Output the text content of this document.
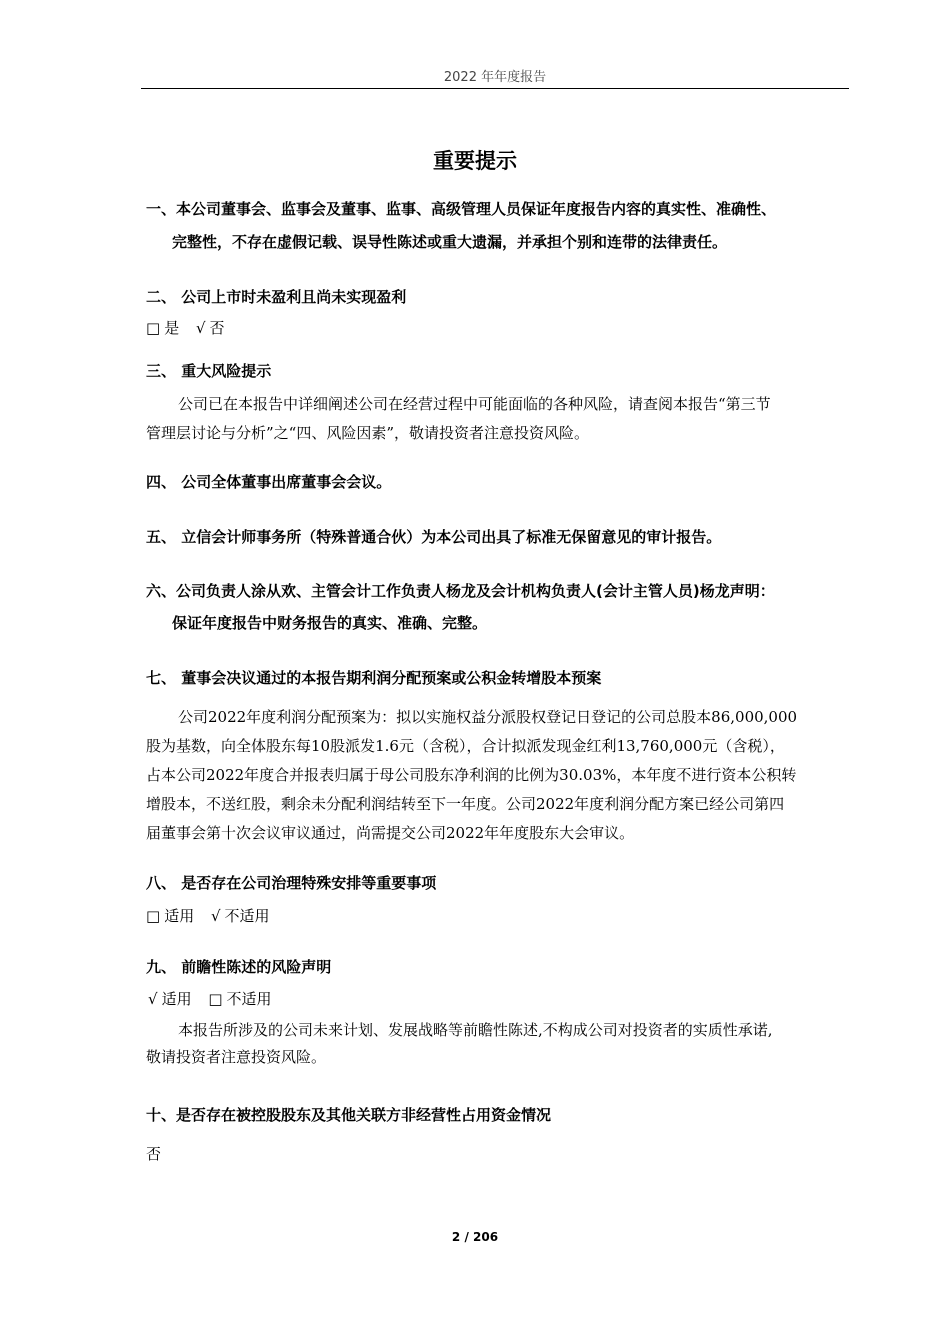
2022 年年度报告
重要提示
一、本公司董事会、监事会及董事、监事、高级管理人员保证年度报告内容的真实性、准确性、
完整性，不存在虚假记载、误导性陈述或重大遗漏，并承担个别和连带的法律责任。
二、 公司上市时未盈利且尚未实现盈利
□ 是 √ 否
三、 重大风险提示
公司已在本报告中详细阐述公司在经营过程中可能面临的各种风险，请查阅本报告“第三节
管理层讨论与分析”之“四、风险因素”，敬请投资者注意投资风险。
四、 公司全体董事出席董事会会议。
五、 立信会计师事务所（特殊普通合伙）为本公司出具了标准无保留意见的审计报告。
六、公司负责人涂从欢、主管会计工作负责人杨龙及会计机构负责人(会计主管人员)杨龙声明：
保证年度报告中财务报告的真实、准确、完整。
七、 董事会决议通过的本报告期利润分配预案或公积金转增股本预案
公司2022年度利润分配预案为：拟以实施权益分派股权登记日登记的公司总股本86,000,000
股为基数，向全体股东每10股派发1.6元（含税），合计拟派发现金红利13,760,000元（含税），
占本公司2022年度合并报表归属于母公司股东净利润的比例为30.03%，本年度不进行资本公积转
增股本，不送红股，剩余未分配利润结转至下一年度。公司2022年度利润分配方案已经公司第四
届董事会第十次会议审议通过，尚需提交公司2022年年度股东大会审议。
八、 是否存在公司治理特殊安排等重要事项
□ 适用 √ 不适用
九、 前瞻性陈述的风险声明
√ 适用 □ 不适用
本报告所涉及的公司未来计划、发展战略等前瞻性陈述,不构成公司对投资者的实质性承诺,
敬请投资者注意投资风险。
十、是否存在被控股股东及其他关联方非经营性占用资金情况
否
2 / 206
